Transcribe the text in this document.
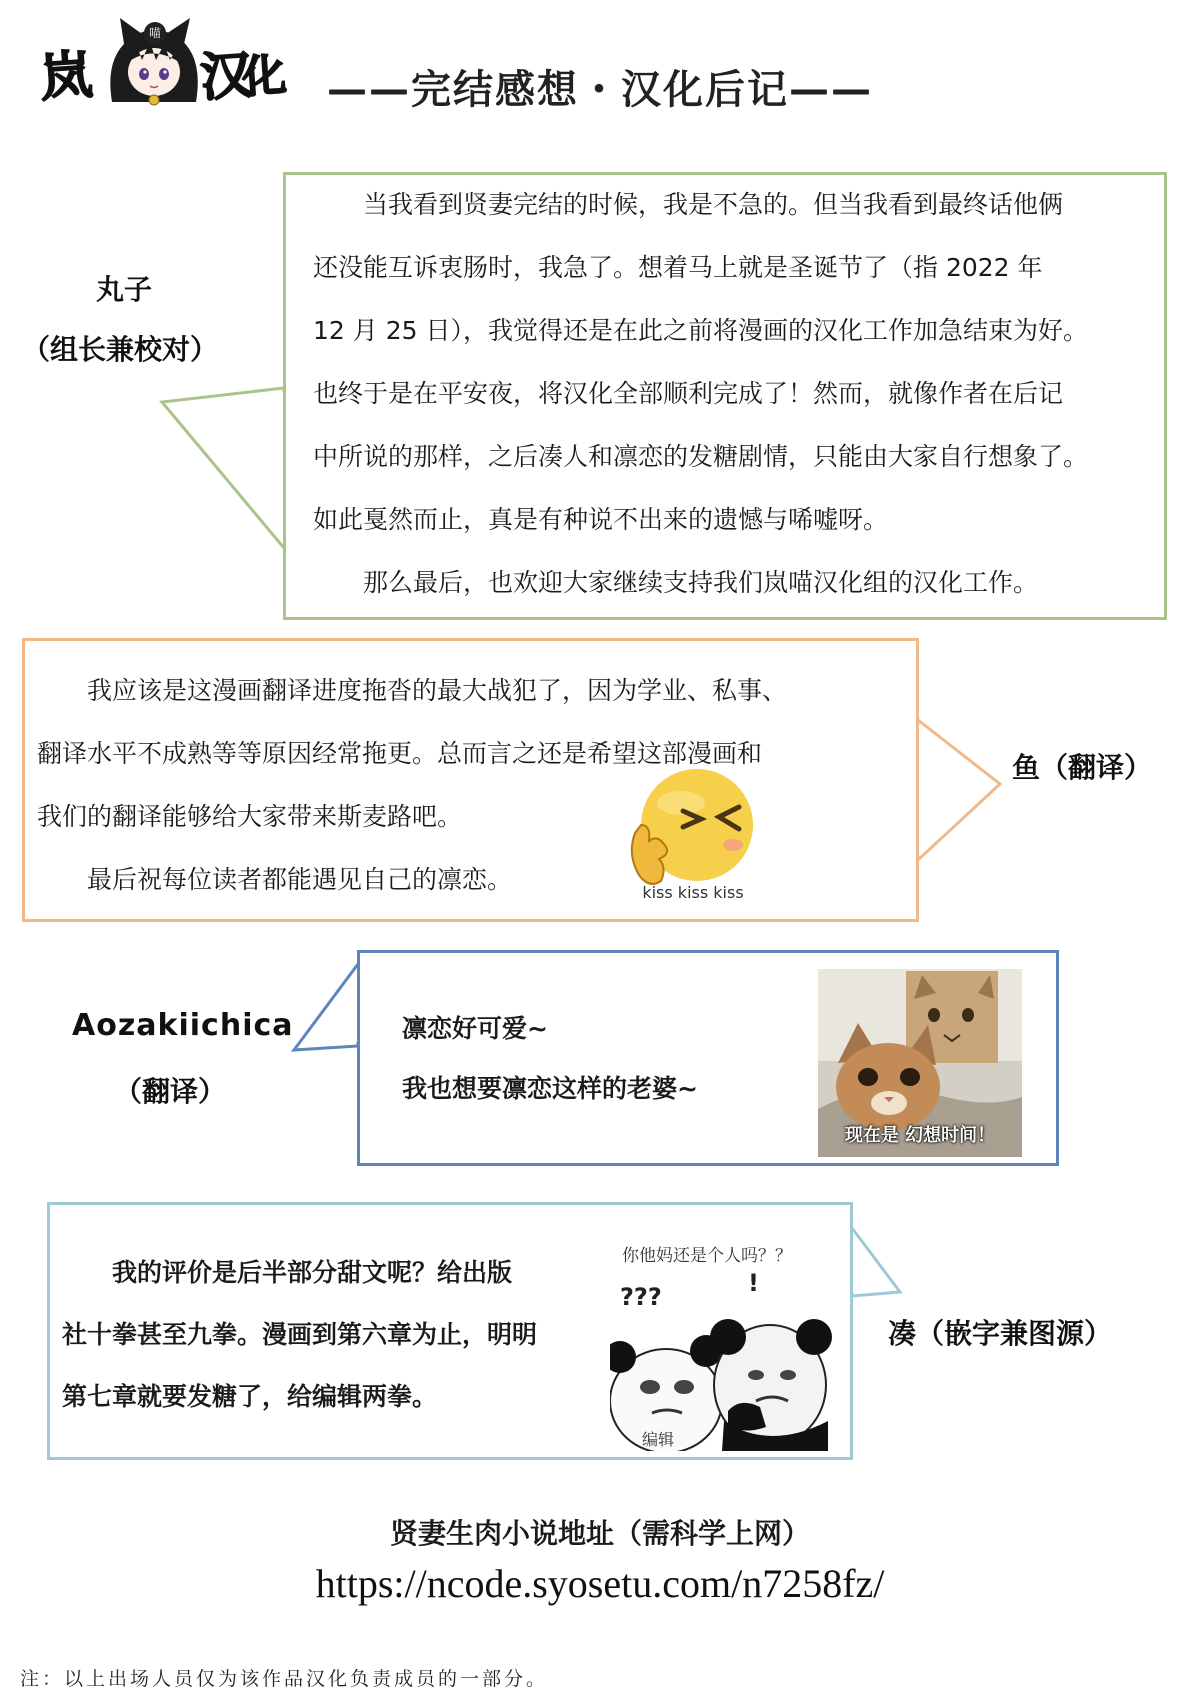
岚
喵
汉
化 ——完结感想・汉化后记——
　　当我看到贤妻完结的时候，我是不急的。但当我看到最终话他俩
还没能互诉衷肠时，我急了。想着马上就是圣诞节了（指 2022 年
12 月 25 日），我觉得还是在此之前将漫画的汉化工作加急结束为好。
也终于是在平安夜，将汉化全部顺利完成了！然而，就像作者在后记
中所说的那样，之后凑人和凛恋的发糖剧情，只能由大家自行想象了。
如此戛然而止，真是有种说不出来的遗憾与唏嘘呀。
　　那么最后，也欢迎大家继续支持我们岚喵汉化组的汉化工作。
丸子
（组长兼校对）
　　我应该是这漫画翻译进度拖沓的最大战犯了，因为学业、私事、
翻译水平不成熟等等原因经常拖更。总而言之还是希望这部漫画和
我们的翻译能够给大家带来斯麦路吧。
　　最后祝每位读者都能遇见自己的凛恋。	kiss kiss kiss
鱼（翻译）
凛恋好可爱~
我也想要凛恋这样的老婆~
现在是 幻想时间！
Aozakiichica
（翻译）
　　我的评价是后半部分甜文呢？给出版
社十拳甚至九拳。漫画到第六章为止，明明
第七章就要发糖了，给编辑两拳。
你他妈还是个人吗？？
???	!
编辑
凑（嵌字兼图源）
贤妻生肉小说地址（需科学上网）
https://ncode.syosetu.com/n7258fz/
注：以上出场人员仅为该作品汉化负责成员的一部分。
